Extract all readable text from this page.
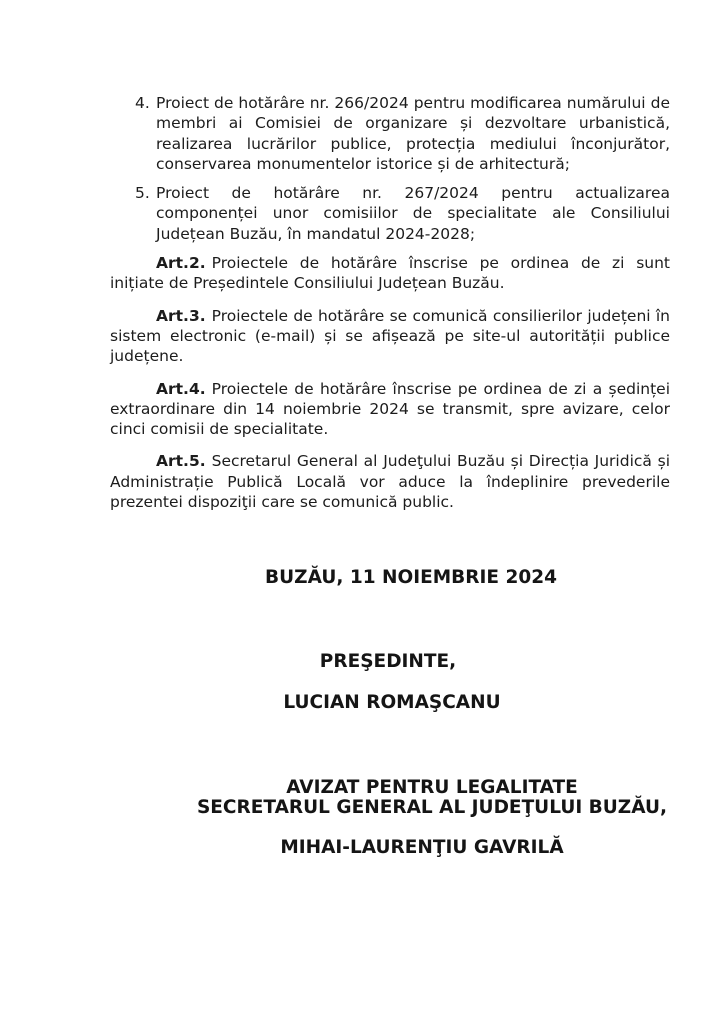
4. Proiect de hotărâre nr. 266/2024 pentru modificarea numărului de membri ai Comisiei de organizare și dezvoltare urbanistică, realizarea lucrărilor publice, protecția mediului înconjurător, conservarea monumentelor istorice și de arhitectură;
5. Proiect de hotărâre nr. 267/2024 pentru actualizarea componenței unor comisiilor de specialitate ale Consiliului Județean Buzău, în mandatul 2024-2028;

Art.2. Proiectele de hotărâre înscrise pe ordinea de zi sunt inițiate de Președintele Consiliului Județean Buzău.

Art.3. Proiectele de hotărâre se comunică consilierilor județeni în sistem electronic (e-mail) și se afișează pe site-ul autorității publice județene.

Art.4. Proiectele de hotărâre înscrise pe ordinea de zi a ședinței extraordinare din 14 noiembrie 2024 se transmit, spre avizare, celor cinci comisii de specialitate.

Art.5. Secretarul General al Judeţului Buzău și Direcția Juridică și Administrație Publică Locală vor aduce la îndeplinire prevederile prezentei dispoziţii care se comunică public.

BUZĂU, 11 NOIEMBRIE 2024
PREŞEDINTE,
LUCIAN ROMAŞCANU
AVIZAT PENTRU LEGALITATE
SECRETARUL GENERAL AL JUDEŢULUI BUZĂU,
MIHAI-LAURENŢIU GAVRILĂ
